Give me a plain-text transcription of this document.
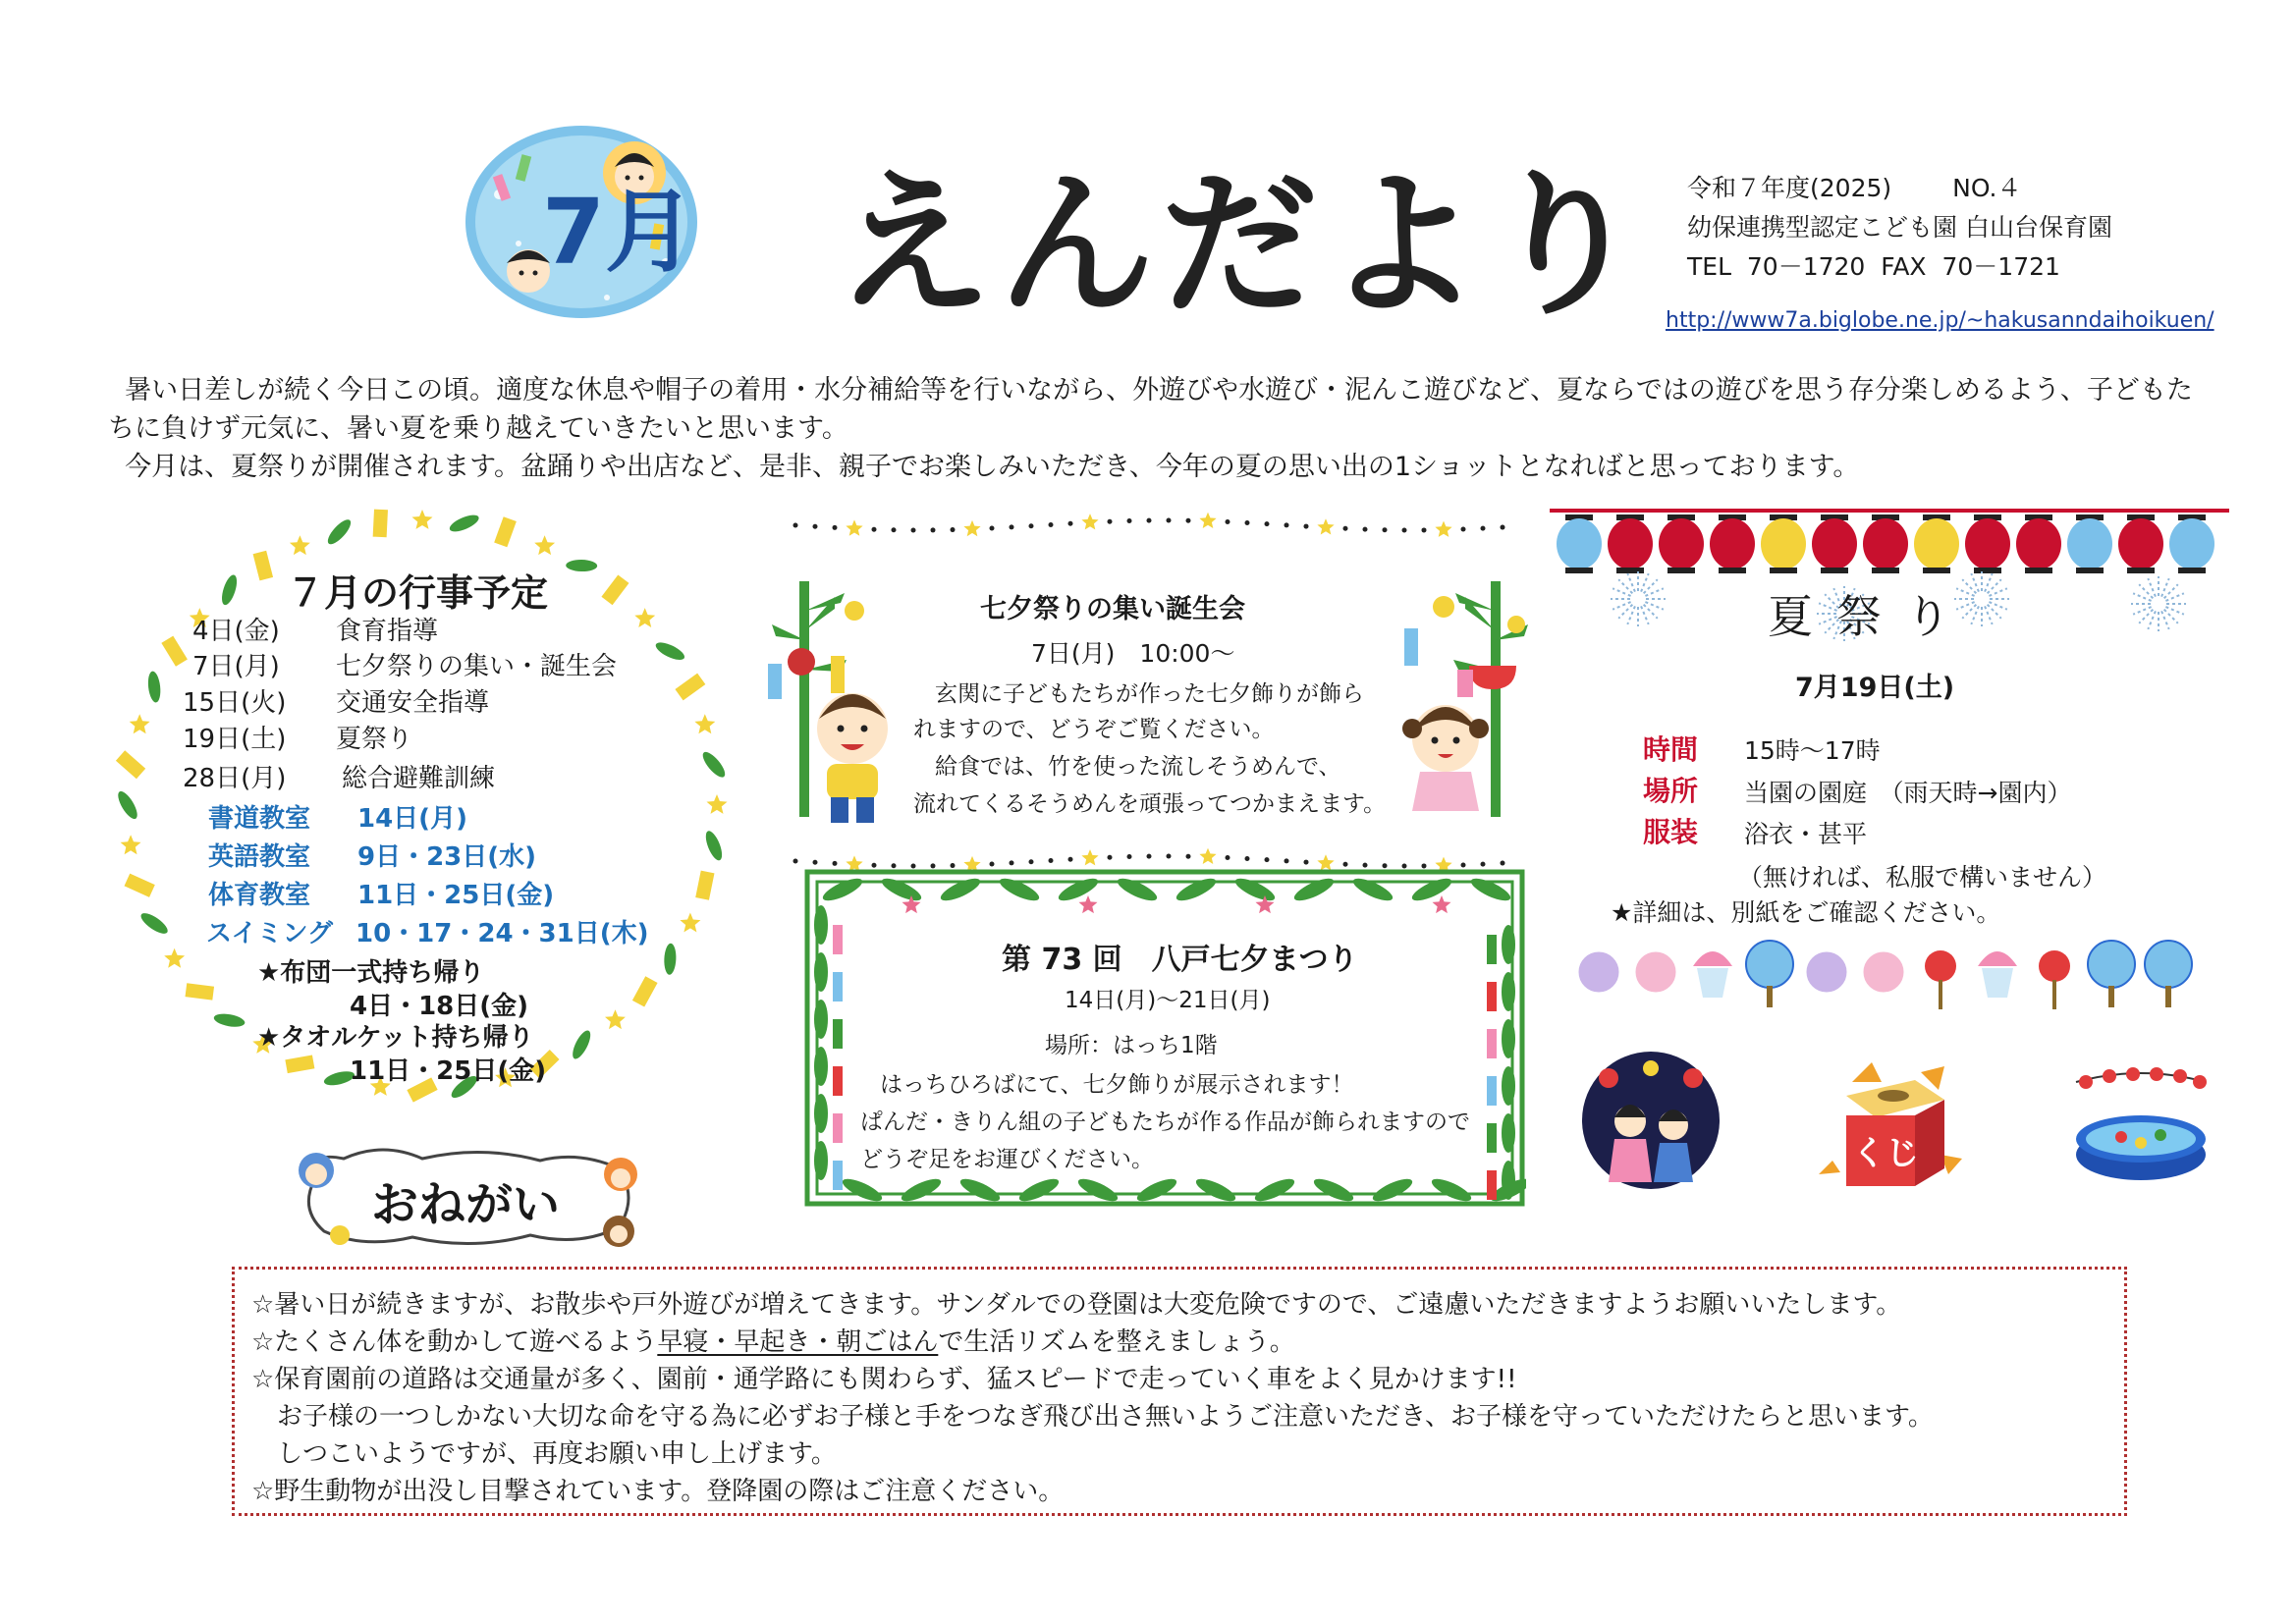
7月 えんだより 令和７年度(2025) NO.４
幼保連携型認定こども園 白山台保育園
TEL 70－1720 FAX 70－1721
http://www7a.biglobe.ne.jp/~hakusanndaihoikuen/

暑い日差しが続く今日この頃。適度な休息や帽子の着用・水分補給等を行いながら、外遊びや水遊び・泥んこ遊びなど、夏ならではの遊びを思う存分楽しめるよう、子どもた

ちに負けず元気に、暑い夏を乗り越えていきたいと思います。

今月は、夏祭りが開催されます。盆踊りや出店など、是非、親子でお楽しみいただき、今年の夏の思い出の1ショットとなればと思っております。

７月の行事予定
4日(金) 食育指導
7日(月) 七夕祭りの集い・誕生会
15日(火) 交通安全指導
19日(土) 夏祭り
28日(月) 総合避難訓練
書道教室 14日(月)
英語教室 9日・23日(水)
体育教室 11日・25日(金)
スイミング 10・17・24・31日(木)
★布団一式持ち帰り
4日・18日(金)
★タオルケット持ち帰り
11日・25日(金)
おねがい
七夕祭りの集い誕生会
7日(月)　10:00～
玄関に子どもたちが作った七夕飾りが飾ら
れますので、どうぞご覧ください。
給食では、竹を使った流しそうめんで、
流れてくるそうめんを頑張ってつかまえます。
第 73 回　八戸七夕まつり
14日(月)～21日(月)
場所：はっち1階
はっちひろばにて、七夕飾りが展示されます！
ぱんだ・きりん組の子どもたちが作る作品が飾られますので
どうぞ足をお運びください。
夏祭り
7月19日(土)
時間 15時～17時
場所 当園の園庭　（雨天時→園内）
服装 浴衣・甚平
（無ければ、私服で構いません）
★詳細は、別紙をご確認ください。
くじ
☆暑い日が続きますが、お散歩や戸外遊びが増えてきます。サンダルでの登園は大変危険ですので、ご遠慮いただきますようお願いいたします。
☆たくさん体を動かして遊べるよう早寝・早起き・朝ごはんで生活リズムを整えましょう。
☆保育園前の道路は交通量が多く、園前・通学路にも関わらず、猛スピードで走っていく車をよく見かけます!!
お子様の一つしかない大切な命を守る為に必ずお子様と手をつなぎ飛び出さ無いようご注意いただき、お子様を守っていただけたらと思います。
しつこいようですが、再度お願い申し上げます。
☆野生動物が出没し目撃されています。登降園の際はご注意ください。
